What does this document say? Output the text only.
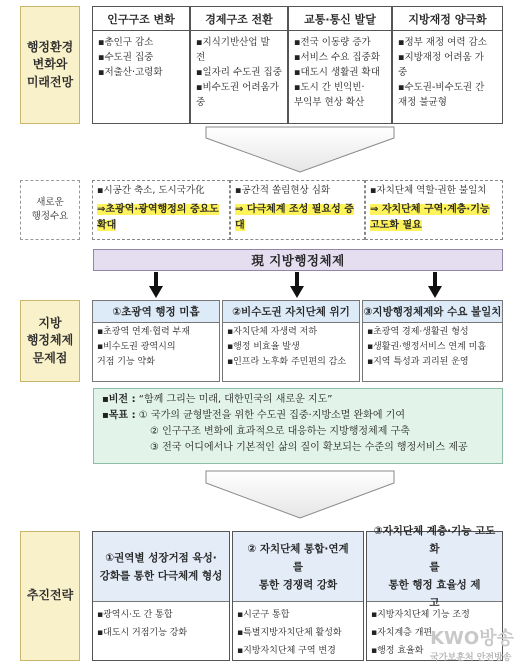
행정환경
변화와
미래전망
인구구조 변화
▪총인구 감소
▪수도권 집중
▪저출산·고령화
경제구조 전환
▪지식기반산업 발
전
▪일자리 수도권 집중
▪비수도권 어려움가중
교통·통신 발달
▪전국 이동량 증가
▪서비스 수요 집중화
▪대도시 생활권 확대
▪도시 간 빈익빈·
부익부 현상 확산
지방재정 양극화
▪정부 재정 여력 감소
▪지방재정 어려움 가
중
▪수도권-비수도권 간
재정 불균형
새로운
행정수요
▪시공간 축소, 도시국가化
⇒초광역·광역행정의 중요도 확대
▪공간적 쏠림현상 심화
⇒ 다극체계 조성 필요성 증대
▪자치단체 역할·권한 불일치
⇒ 자치단체 구역·계층·기능 고도화 필요
現 지방행정체제
지방
행정체제
문제점
①초광역 행정 미흡
▪초광역 연계·협력 부재
▪비수도권 광역시의
거점 기능 약화
②비수도권 자치단체 위기
▪자치단체 자생력 저하
▪행정 비효율 발생
▪인프라 노후화 주민편의 감소
③지방행정체제와 수요 불일치
▪초광역 경제·생활권 형성
▪생활권·행정서비스 연계 미흡
▪지역 특성과 괴리된 운영
▪비전 : “함께 그리는 미래, 대한민국의 새로운 지도”
▪목표 : ① 국가의 균형발전을 위한 수도권 집중·지방소멸 완화에 기여
② 인구구조 변화에 효과적으로 대응하는 지방행정체제 구축
③ 전국 어디에서나 기본적인 삶의 질이 확보되는 수준의 행정서비스 제공
추진전략
①권역별 성장거점 육성·
강화를 통한 다극체계 형성
▪광역시·도 간 통합
▪대도시 거점기능 강화
② 자치단체 통합·연계
를
통한 경쟁력 강화
▪시군구 통합
▪특별지방자치단체 활성화
▪지방자치단체 구역 변경
③자치단체 계층·기능 고도화
를
통한 행정 효율성 제
고
▪지방자치단체 기능 조정
▪자치계층 개편
▪행정 효율화
KWO방송
국가보훈처 안전방송
